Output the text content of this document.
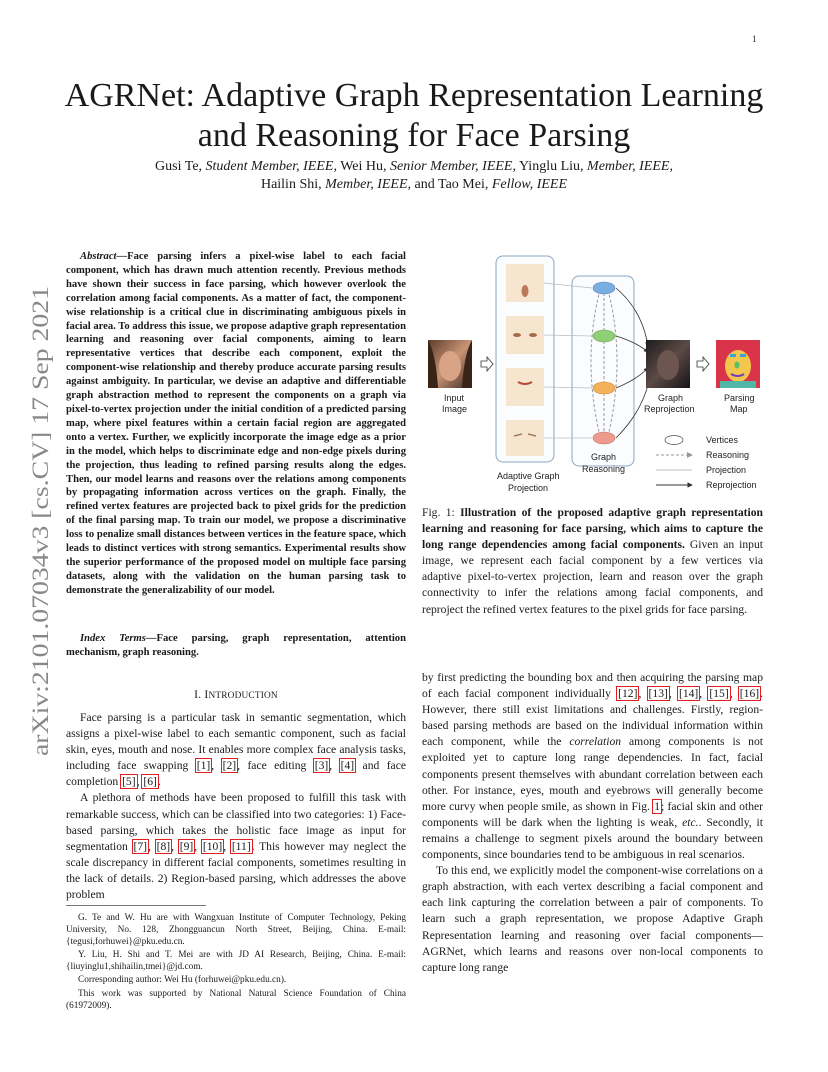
1
arXiv:2101.07034v3 [cs.CV] 17 Sep 2021
AGRNet: Adaptive Graph Representation Learning and Reasoning for Face Parsing
Gusi Te, Student Member, IEEE, Wei Hu, Senior Member, IEEE, Yinglu Liu, Member, IEEE,
Hailin Shi, Member, IEEE, and Tao Mei, Fellow, IEEE

Abstract—Face parsing infers a pixel-wise label to each facial component, which has drawn much attention recently. Previous methods have shown their success in face parsing, which however overlook the correlation among facial components. As a matter of fact, the component-wise relationship is a critical clue in discriminating ambiguous pixels in facial area. To address this issue, we propose adaptive graph representation learning and reasoning over facial components, aiming to learn representative vertices that describe each component, exploit the component-wise relationship and thereby produce accurate parsing results against ambiguity. In particular, we devise an adaptive and differentiable graph abstraction method to represent the components on a graph via pixel-to-vertex projection under the initial condition of a predicted parsing map, where pixel features within a certain facial region are aggregated onto a vertex. Further, we explicitly incorporate the image edge as a prior in the model, which helps to discriminate edge and non-edge pixels during the projection, thus leading to refined parsing results along the edges. Then, our model learns and reasons over the relations among components by propagating information across vertices on the graph. Finally, the refined vertex features are projected back to pixel grids for the prediction of the final parsing map. To train our model, we propose a discriminative loss to penalize small distances between vertices in the feature space, which leads to distinct vertices with strong semantics. Experimental results show the superior performance of the proposed model on multiple face parsing datasets, along with the validation on the human parsing task to demonstrate the generalizability of our model.

Index Terms—Face parsing, graph representation, attention mechanism, graph reasoning.

I. INTRODUCTION

Face parsing is a particular task in semantic segmentation, which assigns a pixel-wise label to each semantic component, such as facial skin, eyes, mouth and nose. It enables more complex face analysis tasks, including face swapping [1], [2], face editing [3], [4] and face completion [5], [6].

A plethora of methods have been proposed to fulfill this task with remarkable success, which can be classified into two categories: 1) Face-based parsing, which takes the holistic face image as input for segmentation [7], [8], [9], [10], [11]. This however may neglect the scale discrepancy in different facial components, sometimes resulting in the lack of details. 2) Region-based parsing, which addresses the above problem

G. Te and W. Hu are with Wangxuan Institute of Computer Technology, Peking University, No. 128, Zhongguancun North Street, Beijing, China. E-mail: {tegusi,forhuwei}@pku.edu.cn.

Y. Liu, H. Shi and T. Mei are with JD AI Research, Beijing, China. E-mail: {liuyinglu1,shihailin,tmei}@jd.com.

Corresponding author: Wei Hu (forhuwei@pku.edu.cn).

This work was supported by National Natural Science Foundation of China (61972009).

Input
Image
Adaptive Graph
Projection
Graph
Reasoning
Graph
Reprojection
Parsing
Map
Vertices
Reasoning
Projection
Reprojection

Fig. 1: Illustration of the proposed adaptive graph representation learning and reasoning for face parsing, which aims to capture the long range dependencies among facial components. Given an input image, we represent each facial component by a few vertices via adaptive pixel-to-vertex projection, learn and reason over the graph connectivity to infer the relations among facial components, and reproject the refined vertex features to the pixel grids for face parsing.

by first predicting the bounding box and then acquiring the parsing map of each facial component individually [12], [13], [14], [15], [16]. However, there still exist limitations and challenges. Firstly, region-based parsing methods are based on the individual information within each component, while the correlation among components is not exploited yet to capture long range dependencies. In fact, facial components present themselves with abundant correlation between each other. For instance, eyes, mouth and eyebrows will generally become more curvy when people smile, as shown in Fig. 1; facial skin and other components will be dark when the lighting is weak, etc.. Secondly, it remains a challenge to segment pixels around the boundary between components, since boundaries tend to be ambiguous in real scenarios.

To this end, we explicitly model the component-wise correlations on a graph abstraction, with each vertex describing a facial component and each link capturing the correlation between a pair of components. To learn such a graph representation, we propose Adaptive Graph Representation learning and reasoning over facial components—AGRNet, which learns and reasons over non-local components to capture long range
